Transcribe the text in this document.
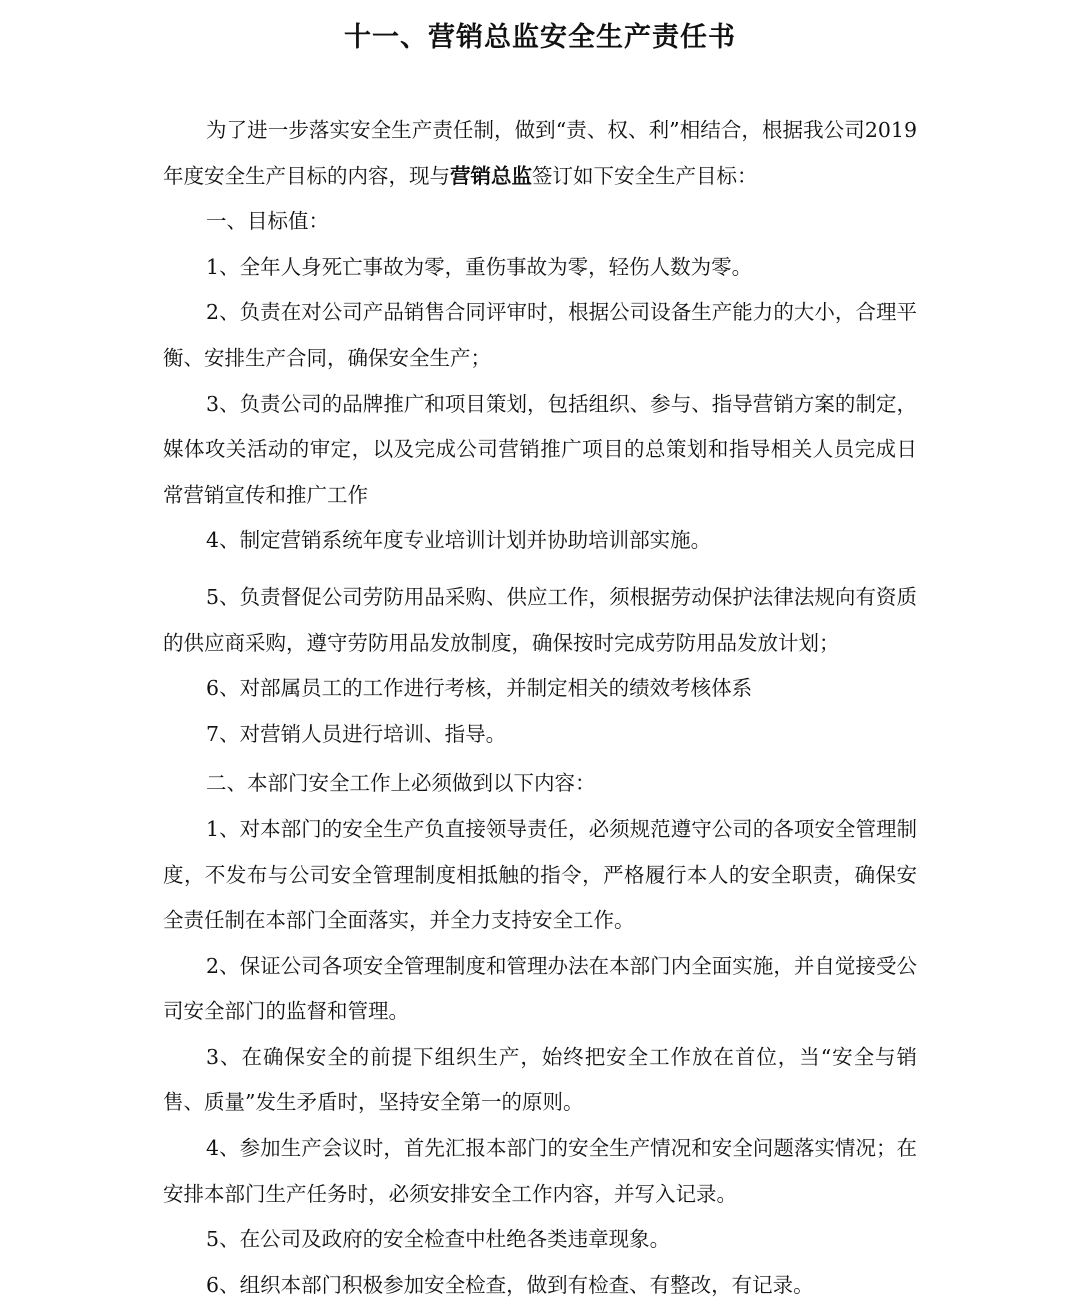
十一、营销总监安全生产责任书

为了进一步落实安全生产责任制，做到“责、权、利”相结合，根据我公司2019年度安全生产目标的内容，现与营销总监签订如下安全生产目标：

一、目标值：

1、全年人身死亡事故为零，重伤事故为零，轻伤人数为零。

2、负责在对公司产品销售合同评审时，根据公司设备生产能力的大小，合理平衡、安排生产合同，确保安全生产；

3、负责公司的品牌推广和项目策划，包括组织、参与、指导营销方案的制定，媒体攻关活动的审定，以及完成公司营销推广项目的总策划和指导相关人员完成日常营销宣传和推广工作

4、制定营销系统年度专业培训计划并协助培训部实施。

5、负责督促公司劳防用品采购、供应工作，须根据劳动保护法律法规向有资质的供应商采购，遵守劳防用品发放制度，确保按时完成劳防用品发放计划；

6、对部属员工的工作进行考核，并制定相关的绩效考核体系

7、对营销人员进行培训、指导。

二、本部门安全工作上必须做到以下内容：

1、对本部门的安全生产负直接领导责任，必须规范遵守公司的各项安全管理制度，不发布与公司安全管理制度相抵触的指令，严格履行本人的安全职责，确保安全责任制在本部门全面落实，并全力支持安全工作。

2、保证公司各项安全管理制度和管理办法在本部门内全面实施，并自觉接受公司安全部门的监督和管理。

3、在确保安全的前提下组织生产，始终把安全工作放在首位，当“安全与销售、质量”发生矛盾时，坚持安全第一的原则。

4、参加生产会议时，首先汇报本部门的安全生产情况和安全问题落实情况；在安排本部门生产任务时，必须安排安全工作内容，并写入记录。

5、在公司及政府的安全检查中杜绝各类违章现象。

6、组织本部门积极参加安全检查，做到有检查、有整改，有记录。
